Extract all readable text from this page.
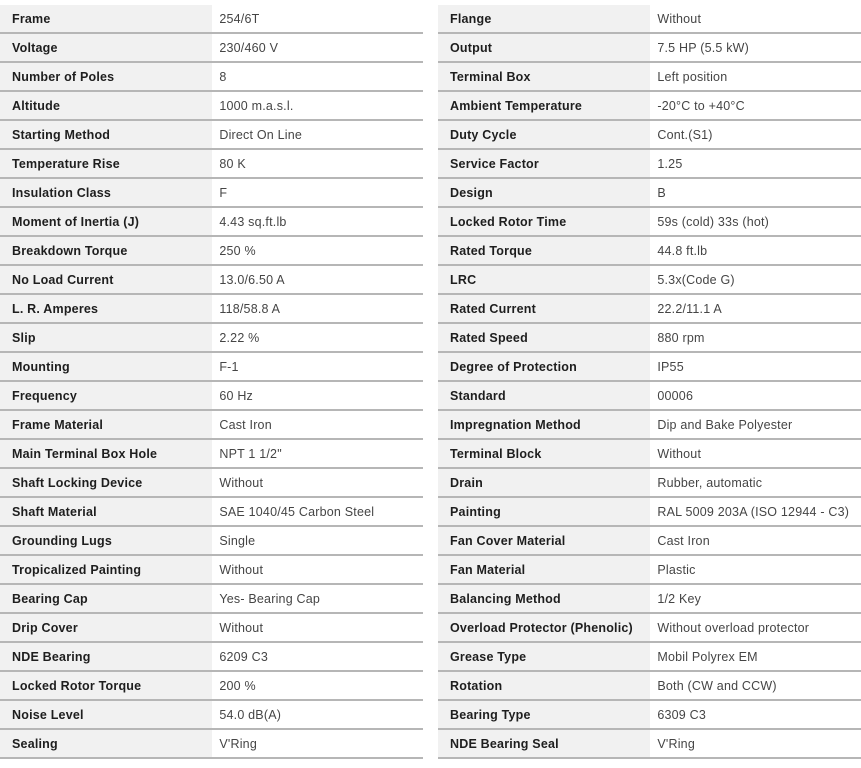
Frame	254/6T
Voltage	230/460 V
Number of Poles	8
Altitude	1000 m.a.s.l.
Starting Method	Direct On Line
Temperature Rise	80 K
Insulation Class	F
Moment of Inertia (J)	4.43 sq.ft.lb
Breakdown Torque	250 %
No Load Current	13.0/6.50 A
L. R. Amperes	118/58.8 A
Slip	2.22 %
Mounting	F-1
Frequency	60 Hz
Frame Material	Cast Iron
Main Terminal Box Hole	NPT 1 1/2"
Shaft Locking Device	Without
Shaft Material	SAE 1040/45 Carbon Steel
Grounding Lugs	Single
Tropicalized Painting	Without
Bearing Cap	Yes- Bearing Cap
Drip Cover	Without
NDE Bearing	6209 C3
Locked Rotor Torque	200 %
Noise Level	54.0 dB(A)
Sealing	V'Ring
Flange	Without
Output	7.5 HP (5.5 kW)
Terminal Box	Left position
Ambient Temperature	-20°C to +40°C
Duty Cycle	Cont.(S1)
Service Factor	1.25
Design	B
Locked Rotor Time	59s (cold) 33s (hot)
Rated Torque	44.8 ft.lb
LRC	5.3x(Code G)
Rated Current	22.2/11.1 A
Rated Speed	880 rpm
Degree of Protection	IP55
Standard	00006
Impregnation Method	Dip and Bake Polyester
Terminal Block	Without
Drain	Rubber, automatic
Painting	RAL 5009 203A (ISO 12944 - C3)
Fan Cover Material	Cast Iron
Fan Material	Plastic
Balancing Method	1/2 Key
Overload Protector (Phenolic)	Without overload protector
Grease Type	Mobil Polyrex EM
Rotation	Both (CW and CCW)
Bearing Type	6309 C3
NDE Bearing Seal	V'Ring
